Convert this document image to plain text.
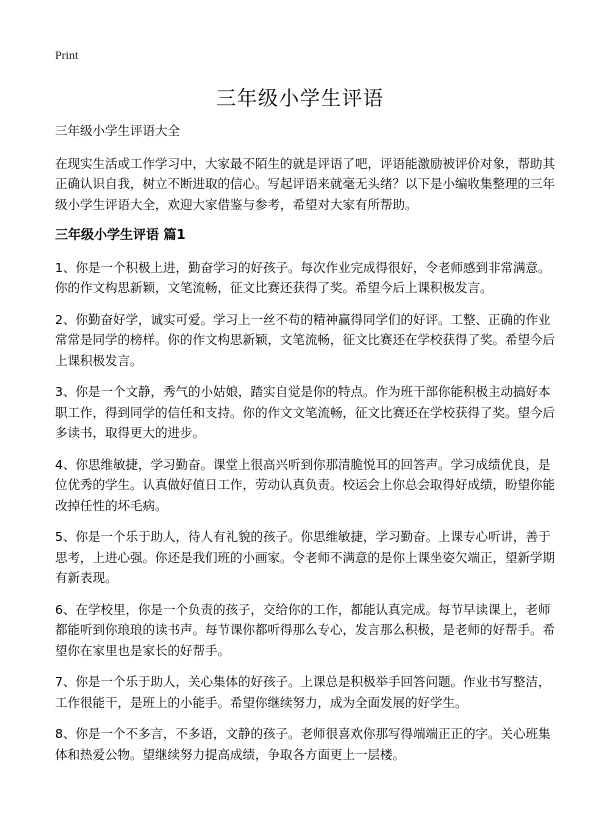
Print
三年级小学生评语

三年级小学生评语大全

在现实生活或工作学习中，大家最不陌生的就是评语了吧，评语能激励被评价对象，帮助其正确认识自我，树立不断进取的信心。写起评语来就毫无头绪？以下是小编收集整理的三年级小学生评语大全，欢迎大家借鉴与参考，希望对大家有所帮助。

三年级小学生评语 篇1

1、你是一个积极上进，勤奋学习的好孩子。每次作业完成得很好，令老师感到非常满意。你的作文构思新颖，文笔流畅，征文比赛还获得了奖。希望今后上课积极发言。

2、你勤奋好学，诚实可爱。学习上一丝不苟的精神赢得同学们的好评。工整、正确的作业常常是同学的榜样。你的作文构思新颖，文笔流畅，征文比赛还在学校获得了奖。希望今后上课积极发言。

3、你是一个文静，秀气的小姑娘，踏实自觉是你的特点。作为班干部你能积极主动搞好本职工作，得到同学的信任和支持。你的作文文笔流畅，征文比赛还在学校获得了奖。望今后多读书，取得更大的进步。

4、你思维敏捷，学习勤奋。课堂上很高兴听到你那清脆悦耳的回答声。学习成绩优良，是位优秀的学生。认真做好值日工作，劳动认真负责。校运会上你总会取得好成绩，盼望你能改掉任性的坏毛病。

5、你是一个乐于助人，待人有礼貌的孩子。你思维敏捷，学习勤奋。上课专心听讲，善于思考，上进心强。你还是我们班的小画家。令老师不满意的是你上课坐姿欠端正，望新学期有新表现。

6、在学校里，你是一个负责的孩子，交给你的工作，都能认真完成。每节早读课上，老师都能听到你琅琅的读书声。每节课你都听得那么专心，发言那么积极，是老师的好帮手。希望你在家里也是家长的好帮手。

7、你是一个乐于助人，关心集体的好孩子。上课总是积极举手回答问题。作业书写整洁，工作很能干，是班上的小能手。希望你继续努力，成为全面发展的好学生。

8、你是一个不多言，不多语，文静的孩子。老师很喜欢你那写得端端正正的字。关心班集体和热爱公物。望继续努力提高成绩，争取各方面更上一层楼。
